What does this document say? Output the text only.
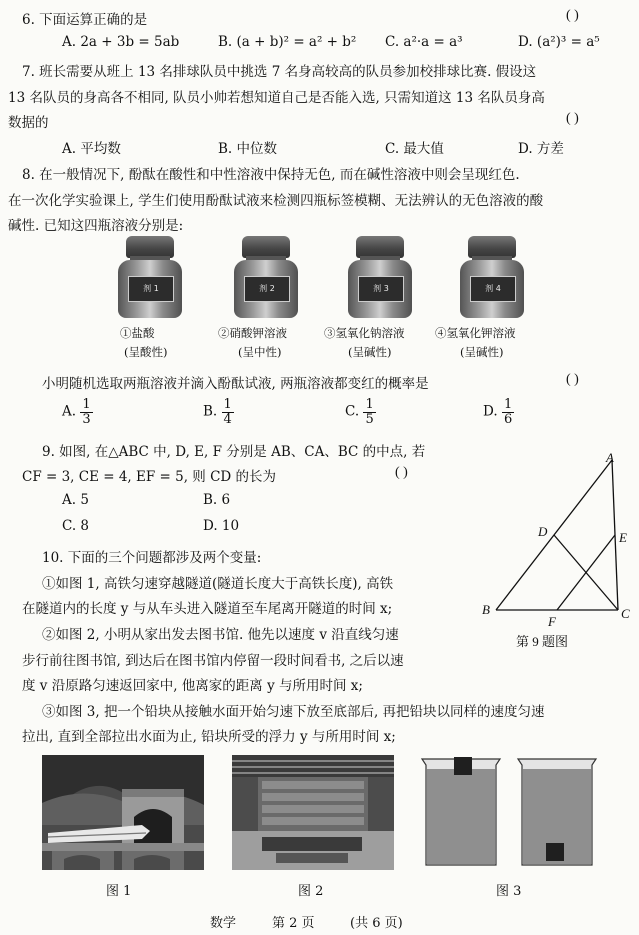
6. 下面运算正确的是	( )
A. 2a + 3b = 5ab	B. (a + b)² = a² + b² C. a²·a = a³	D. (a²)³ = a⁵
7. 班长需要从班上 13 名排球队员中挑选 7 名身高较高的队员参加校排球比赛. 假设这
13 名队员的身高各不相同, 队员小帅若想知道自己是否能入选, 只需知道这 13 名队员身高
数据的	( )
A. 平均数	B. 中位数	C. 最大值	D. 方差
8. 在一般情况下, 酚酞在酸性和中性溶液中保持无色, 而在碱性溶液中则会呈现红色.
在一次化学实验课上, 学生们使用酚酞试液来检测四瓶标签模糊、无法辨认的无色溶液的酸
碱性. 已知这四瓶溶液分别是:
剂 1	剂 2	剂 3	剂 4
①盐酸	②硝酸钾溶液	③氢氧化钠溶液	④氢氧化钾溶液
(呈酸性)	(呈中性)	(呈碱性)	(呈碱性)
小明随机选取两瓶溶液并滴入酚酞试液, 两瓶溶液都变红的概率是	( )
A. $\frac{1}{3}$	B. $\frac{1}{4}$	C. $\frac{1}{5}$	D. $\frac{1}{6}$
9. 如图, 在△ABC 中, D, E, F 分别是 AB、CA、BC 的中点, 若
CF = 3, CE = 4, EF = 5, 则 CD 的长为	( )
A. 5	B. 6
C. 8	D. 10
A
B	C
D	E
F
第 9 题图
10. 下面的三个问题都涉及两个变量:
①如图 1, 高铁匀速穿越隧道(隧道长度大于高铁长度), 高铁
在隧道内的长度 y 与从车头进入隧道至车尾离开隧道的时间 x;
②如图 2, 小明从家出发去图书馆. 他先以速度 v 沿直线匀速
步行前往图书馆, 到达后在图书馆内停留一段时间看书, 之后以速
度 v 沿原路匀速返回家中, 他离家的距离 y 与所用时间 x;
③如图 3, 把一个铅块从接触水面开始匀速下放至底部后, 再把铅块以同样的速度匀速
拉出, 直到全部拉出水面为止, 铅块所受的浮力 y 与所用时间 x;
图 1	图 2	图 3
数学	第 2 页	(共 6 页)
